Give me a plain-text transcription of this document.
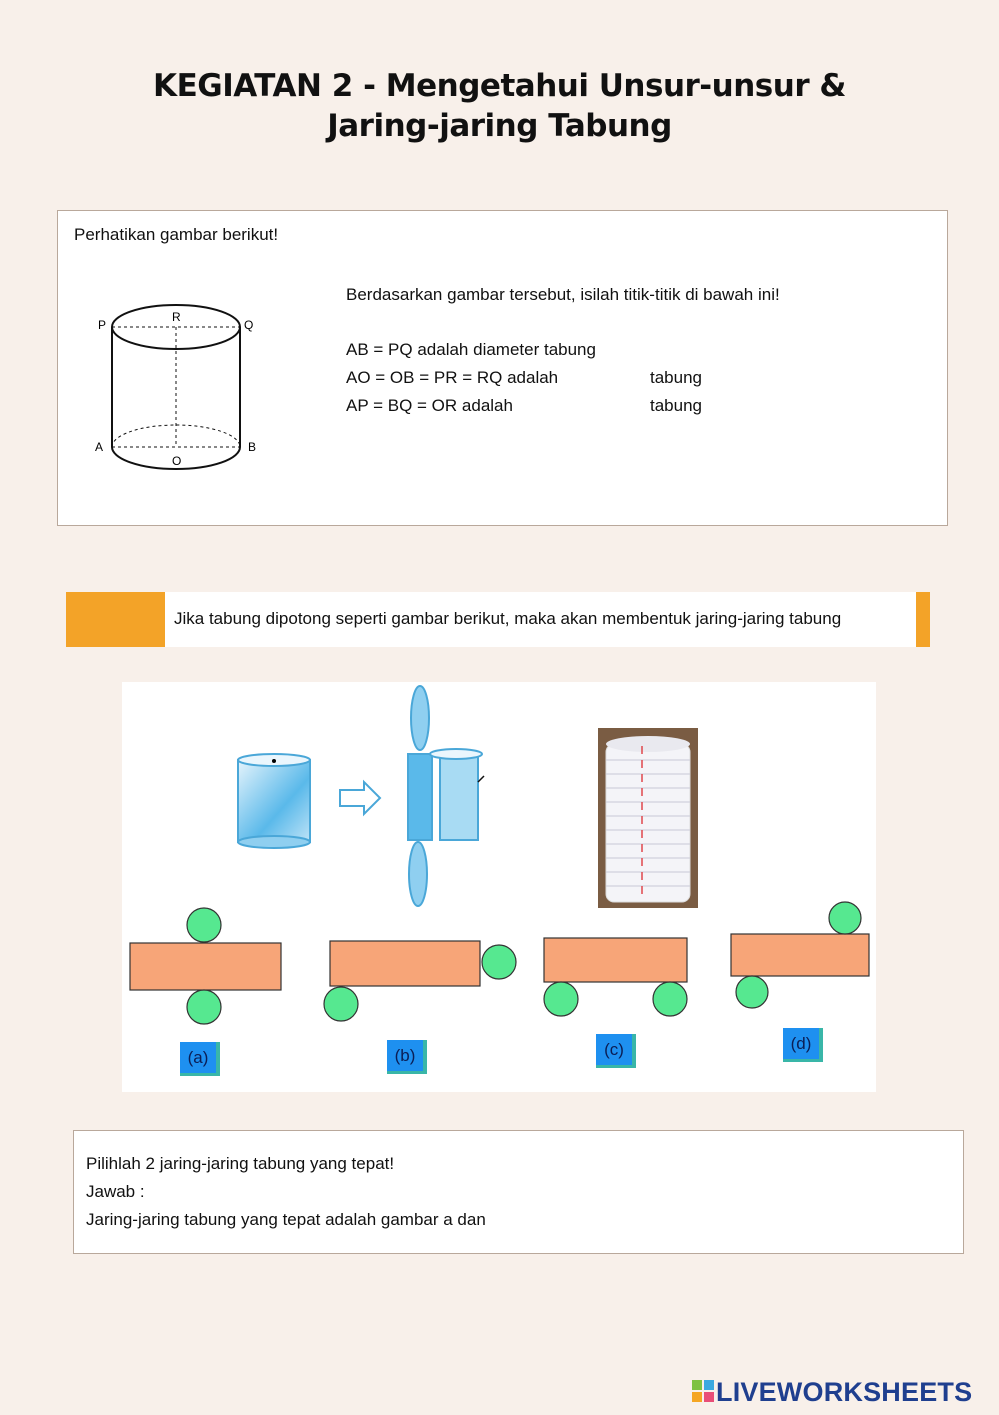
KEGIATAN 2 - Mengetahui Unsur-unsur &
Jaring-jaring Tabung
Perhatikan gambar berikut!
P
R
Q
A
O
B
Berdasarkan gambar tersebut, isilah titik-titik di bawah ini!
AB = PQ adalah diameter tabung
AO = OB = PR = RQ adalah	tabung
AP = BQ = OR adalah	tabung
Jika tabung dipotong seperti gambar berikut, maka akan membentuk jaring-jaring tabung
(a)	(b)	(c)	(d)
Pilihlah 2 jaring-jaring tabung yang tepat!
Jawab :
Jaring-jaring tabung yang tepat adalah gambar a dan
LIVEWORKSHEETS
